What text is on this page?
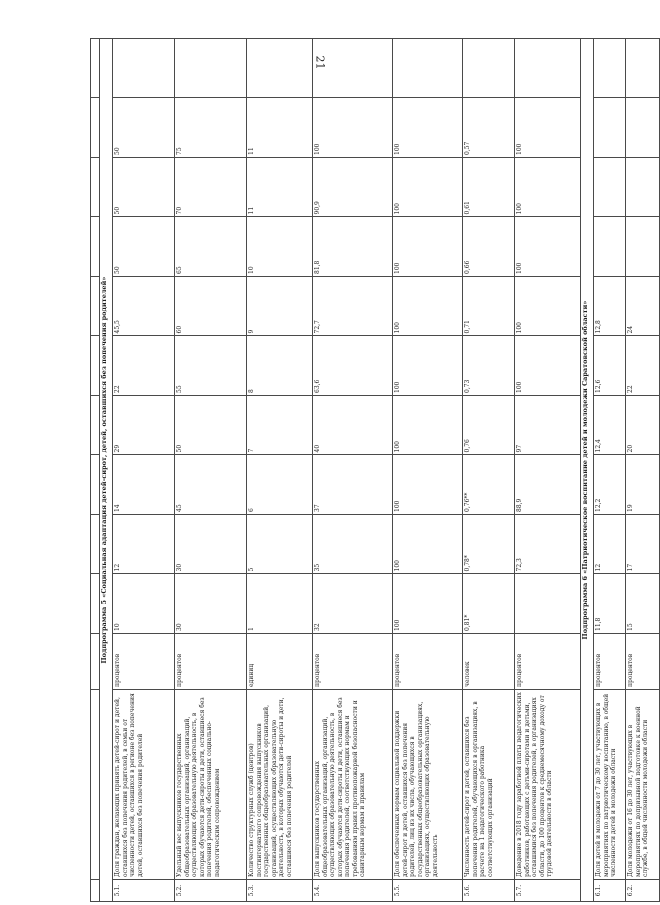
21

Подпрограмма 5 «Социальная адаптация детей-сирот, детей, оставшихся без попечения родителей»												
5.1.	Доля граждан, желающих принять детей-сирот и детей, оставшихся без попечения родителей, в семьи от численности детей, оставшихся в регионе без попечения детей, оставшихся без попечения родителей	процентов	10	12	14	29	22	45,5	50	50	50	
5.2.	Удельный вес выпускников государственных общеобразовательных организаций, организаций, осуществляющих образовательную деятельность, в которых обучаются дети-сироты и дети, оставшиеся без попечения родителей, обеспеченных социально-педагогическим сопровождением	процентов	30	30	45	50	55	60	65	70	75	
5.3.	Количество структурных служб (центров) постинтернатного сопровождения выпускников государственных общеобразовательных организаций, организаций, осуществляющих образовательную деятельность, в которых обучаются дети-сироты и дети, оставшиеся без попечения родителей	единиц	1	5	6	7	8	9	10	11	11	
5.4.	Доля выпускников государственных общеобразовательных организаций, организаций, осуществляющих образовательную деятельность, в которых обучаются дети-сироты и дети, оставшиеся без попечения родителей, соответствующих нормам и требованиям правил противопожарной безопасности и санитарным нормам и правилам	процентов	32	35	37	40	63,6	72,7	81,8	90,9	100	
5.5.	Доля обеспеченных нормам социальной поддержки детей-сирот и детей, оставшихся без попечения родителей, лиц из их числа, обучающихся в государственных общеобразовательных организациях, организациях, осуществляющих образовательную деятельность	процентов	100	100	100	100	100	100	100	100	100	
5.6.	Численность детей-сирот и детей, оставшихся без попечения родителей, обучающихся в организациях, в расчете на 1 педагогического работника соответствующих организаций	человек	0,81*	0,78*	0,76**	0,76	0,73	0,71	0,66	0,61	0,57	
5.7.	Доведение в 2018 году заработной платы педагогических работников, работающих с детьми-сиротами и детьми, оставшимися без попечения родителей, в организациях области, до 100 процентов к среднемесячному доходу от трудовой деятельности в области	процентов		72,3	88,9	97	100	100	100	100	100	
Подпрограмма 6 «Патриотическое воспитание детей и молодежи Саратовской области»												
6.1.	Доля детей и молодежи от 7 до 30 лет, участвующих в мероприятиях по патриотическому воспитанию, в общей численности детей и молодежи области	процентов	11,8	12	12,2	12,4	12,6	12,8				
6.2.	Доля молодежи от 16 до 30 лет, участвующих в мероприятиях по допризывной подготовке к военной службе, в общей численности молодежи области	процентов	15	17	19	20	22	24				
